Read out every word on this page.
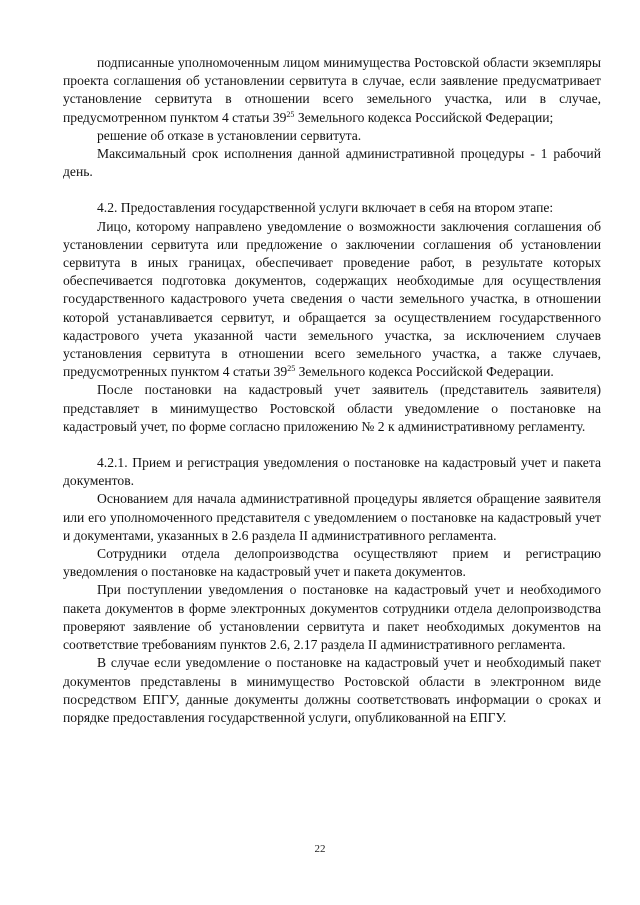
подписанные уполномоченным лицом минимущества Ростовской области экземпляры проекта соглашения об установлении сервитута в случае, если заявление предусматривает установление сервитута в отношении всего земельного участка, или в случае, предусмотренном пунктом 4 статьи $39^{25}$ Земельного кодекса Российской Федерации;

решение об отказе в установлении сервитута.

Максимальный срок исполнения данной административной процедуры - 1 рабочий день.

4.2. Предоставления государственной услуги включает в себя на втором этапе:

Лицо, которому направлено уведомление о возможности заключения соглашения об установлении сервитута или предложение о заключении соглашения об установлении сервитута в иных границах, обеспечивает проведение работ, в результате которых обеспечивается подготовка документов, содержащих необходимые для осуществления государственного кадастрового учета сведения о части земельного участка, в отношении которой устанавливается сервитут, и обращается за осуществлением государственного кадастрового учета указанной части земельного участка, за исключением случаев установления сервитута в отношении всего земельного участка, а также случаев, предусмотренных пунктом 4 статьи $39^{25}$ Земельного кодекса Российской Федерации.

После постановки на кадастровый учет заявитель (представитель заявителя) представляет в минимущество Ростовской области уведомление о постановке на кадастровый учет, по форме согласно приложению № 2 к административному регламенту.

4.2.1. Прием и регистрация уведомления о постановке на кадастровый учет и пакета документов.

Основанием для начала административной процедуры является обращение заявителя или его уполномоченного представителя с уведомлением о постановке на кадастровый учет и документами, указанных в 2.6 раздела II административного регламента.

Сотрудники отдела делопроизводства осуществляют прием и регистрацию уведомления о постановке на кадастровый учет и пакета документов.

При поступлении уведомления о постановке на кадастровый учет и необходимого пакета документов в форме электронных документов сотрудники отдела делопроизводства проверяют заявление об установлении сервитута и пакет необходимых документов на соответствие требованиям пунктов 2.6, 2.17 раздела II административного регламента.

В случае если уведомление о постановке на кадастровый учет и необходимый пакет документов представлены в минимущество Ростовской области в электронном виде посредством ЕПГУ, данные документы должны соответствовать информации о сроках и порядке предоставления государственной услуги, опубликованной на ЕПГУ.

22
